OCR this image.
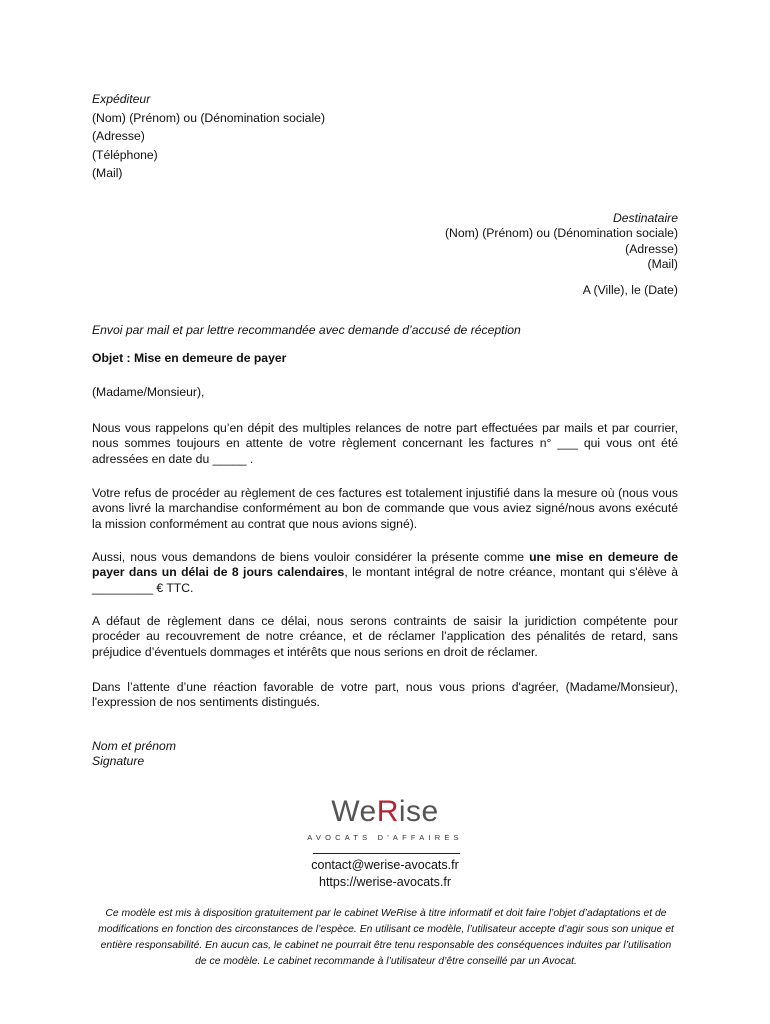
Expéditeur
(Nom) (Prénom) ou (Dénomination sociale)
(Adresse)
(Téléphone)
(Mail)
Destinataire
(Nom) (Prénom) ou (Dénomination sociale)
(Adresse)
(Mail)
A (Ville), le (Date)
Envoi par mail et par lettre recommandée avec demande d’accusé de réception
Objet : Mise en demeure de payer
(Madame/Monsieur),
Nous vous rappelons qu’en dépit des multiples relances de notre part effectuées par mails et par courrier, nous sommes toujours en attente de votre règlement concernant les factures n° ___ qui vous ont été adressées en date du _____ .
Votre refus de procéder au règlement de ces factures est totalement injustifié dans la mesure où (nous vous avons livré la marchandise conformément au bon de commande que vous aviez signé/nous avons exécuté la mission conformément au contrat que nous avions signé).
Aussi, nous vous demandons de biens vouloir considérer la présente comme une mise en demeure de payer dans un délai de 8 jours calendaires, le montant intégral de notre créance, montant qui s'élève à _________ € TTC.
A défaut de règlement dans ce délai, nous serons contraints de saisir la juridiction compétente pour procéder au recouvrement de notre créance, et de réclamer l’application des pénalités de retard, sans préjudice d’éventuels dommages et intérêts que nous serions en droit de réclamer.
Dans l’attente d’une réaction favorable de votre part, nous vous prions d'agréer, (Madame/Monsieur), l'expression de nos sentiments distingués.
Nom et prénom
Signature
WeRise
AVOCATS D'AFFAIRES
contact@werise-avocats.fr
https://werise-avocats.fr
Ce modèle est mis à disposition gratuitement par le cabinet WeRise à titre informatif et doit faire l’objet d’adaptations et de modifications en fonction des circonstances de l’espèce. En utilisant ce modèle, l’utilisateur accepte d’agir sous son unique et entière responsabilité. En aucun cas, le cabinet ne pourrait être tenu responsable des conséquences induites par l’utilisation de ce modèle. Le cabinet recommande à l’utilisateur d’être conseillé par un Avocat.
